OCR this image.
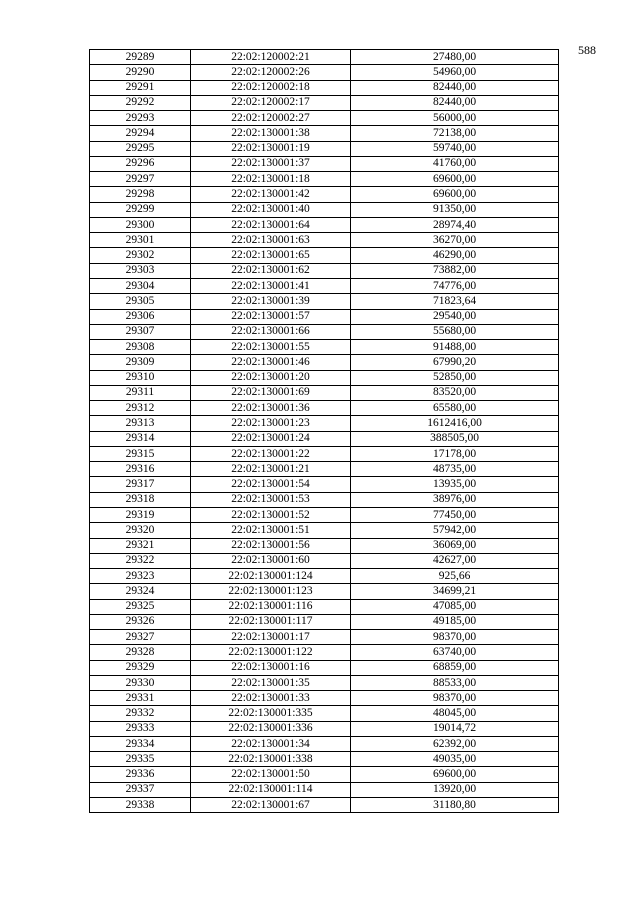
588
29289	22:02:120002:21	27480,00
29290	22:02:120002:26	54960,00
29291	22:02:120002:18	82440,00
29292	22:02:120002:17	82440,00
29293	22:02:120002:27	56000,00
29294	22:02:130001:38	72138,00
29295	22:02:130001:19	59740,00
29296	22:02:130001:37	41760,00
29297	22:02:130001:18	69600,00
29298	22:02:130001:42	69600,00
29299	22:02:130001:40	91350,00
29300	22:02:130001:64	28974,40
29301	22:02:130001:63	36270,00
29302	22:02:130001:65	46290,00
29303	22:02:130001:62	73882,00
29304	22:02:130001:41	74776,00
29305	22:02:130001:39	71823,64
29306	22:02:130001:57	29540,00
29307	22:02:130001:66	55680,00
29308	22:02:130001:55	91488,00
29309	22:02:130001:46	67990,20
29310	22:02:130001:20	52850,00
29311	22:02:130001:69	83520,00
29312	22:02:130001:36	65580,00
29313	22:02:130001:23	1612416,00
29314	22:02:130001:24	388505,00
29315	22:02:130001:22	17178,00
29316	22:02:130001:21	48735,00
29317	22:02:130001:54	13935,00
29318	22:02:130001:53	38976,00
29319	22:02:130001:52	77450,00
29320	22:02:130001:51	57942,00
29321	22:02:130001:56	36069,00
29322	22:02:130001:60	42627,00
29323	22:02:130001:124	925,66
29324	22:02:130001:123	34699,21
29325	22:02:130001:116	47085,00
29326	22:02:130001:117	49185,00
29327	22:02:130001:17	98370,00
29328	22:02:130001:122	63740,00
29329	22:02:130001:16	68859,00
29330	22:02:130001:35	88533,00
29331	22:02:130001:33	98370,00
29332	22:02:130001:335	48045,00
29333	22:02:130001:336	19014,72
29334	22:02:130001:34	62392,00
29335	22:02:130001:338	49035,00
29336	22:02:130001:50	69600,00
29337	22:02:130001:114	13920,00
29338	22:02:130001:67	31180,80
